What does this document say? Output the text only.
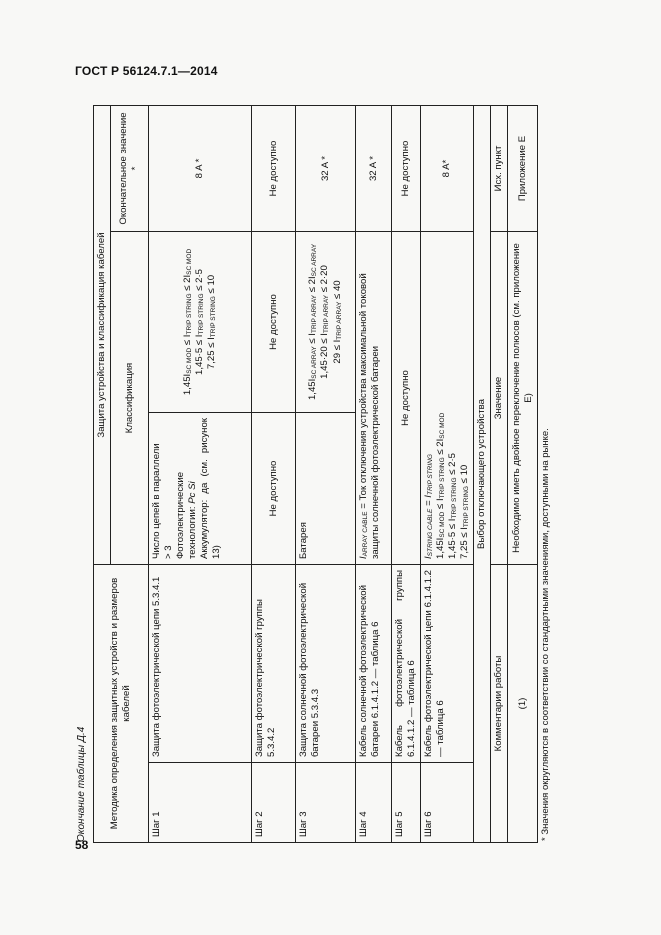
ГОСТ Р 56124.7.1—2014
Окончание таблицы Д.4	Методика определения защитных устройств и размеров кабелей		Защита устройства и классификация кабелей		
		Классификация		Окончательное значение *
Шаг 1	Защита фотоэлектрической цепи 5.3.4.1	Число цепей в параллели
> 3
Фотоэлектрические технологии: Pc Si
Аккумулятор: да (см. рисунок 13)	$1,45I_{SC MOD} \le I_{TRIP STRING} \le 2I_{SC MOD}$
$1,45\cdot 5 \le I_{TRIP STRING} \le 2\cdot 5$
$7,25 \le I_{TRIP STRING} \le 10$	8 A *
Шаг 2	Защита фотоэлектрической группы 5.3.4.2	Не доступно	Не доступно	Не доступно
Шаг 3	Защита солнечной фотоэлектрической батареи 5.3.4.3	Батарея	$1,45I_{SC ARRAY} \le I_{TRIP ARRAY} \le 2I_{SC ARRAY}$
$1,45\cdot 20 \le I_{TRIP ARRAY} \le 2\cdot 20$
$29 \le I_{TRIP ARRAY} \le 40$	32 A *
Шаг 4	Кабель солнечной фотоэлектрической батареи 6.1.4.1.2 — таблица 6	$I_{ARRAY CABLE}$ = Ток отключения устройства максимальной токовой защиты солнечной фотоэлектрической батареи		32 A *
Шаг 5	Кабель фотоэлектрической группы 6.1.4.1.2 — таблица 6	Не доступно		Не доступно
Шаг 6	Кабель фотоэлектрической цепи 6.1.4.1.2 — таблица 6	$I_{STRING CABLE} = I_{TRIP STRING}$
$1,45I_{SC MOD} \le I_{TRIP STRING} \le 2I_{SC MOD}$
$1,45\cdot 5 \le I_{TRIP STRING} \le 2\cdot 5$
$7,25 \le I_{TRIP STRING} \le 10$		8 A*
Выбор отключающего устройства				
Комментарии работы		Значение		Исх. пункт
(1)		Необходимо иметь двойное переключение полюсов (см. приложение Е)		Приложение Е
* Значения округляются в соответствии со стандартными значениями, доступными на рынке.
58
